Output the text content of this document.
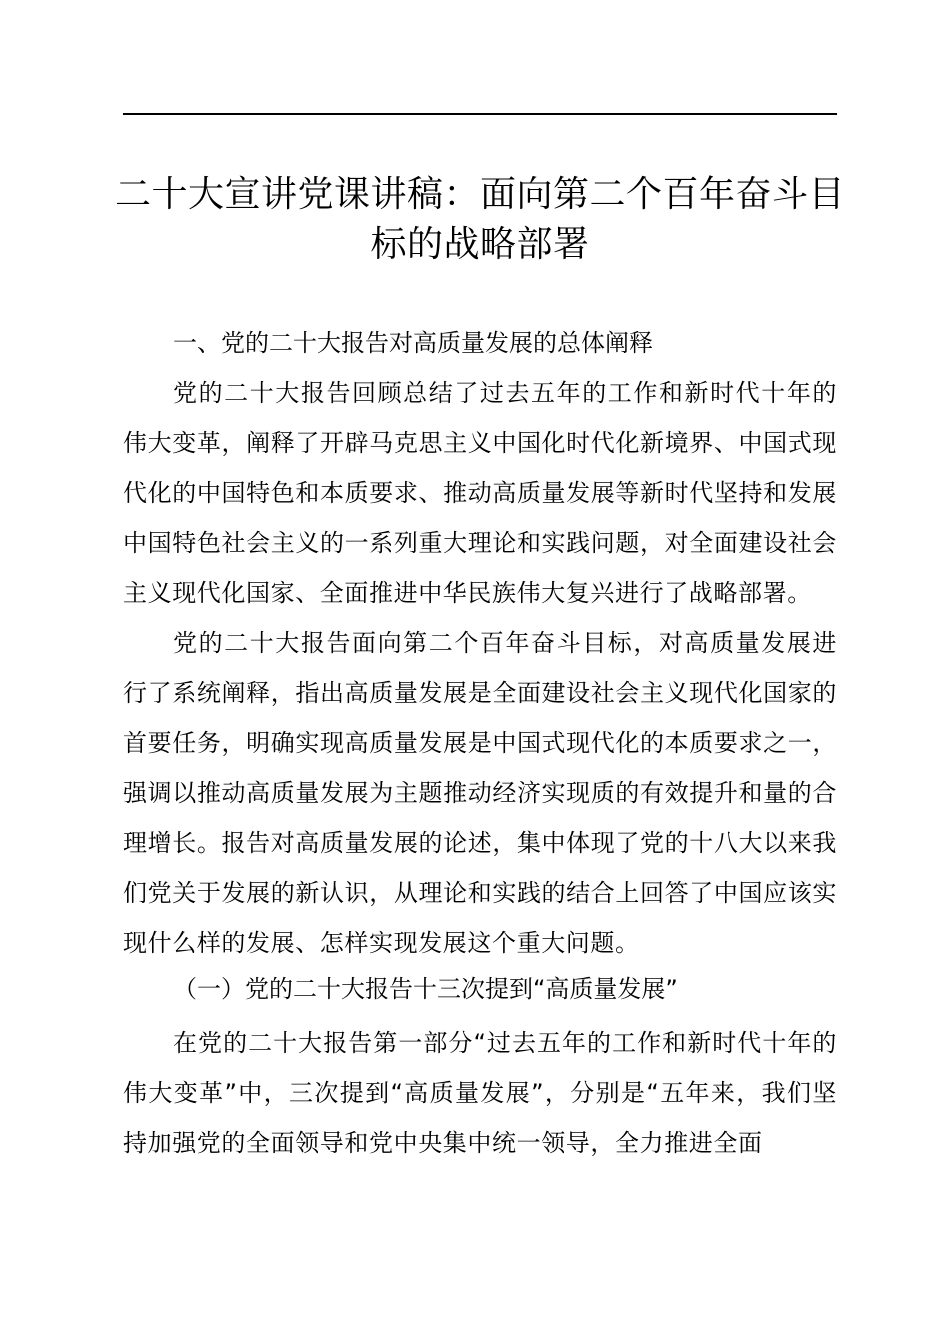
二十大宣讲党课讲稿：面向第二个百年奋斗目标的战略部署
一、党的二十大报告对高质量发展的总体阐释

党的二十大报告回顾总结了过去五年的工作和新时代十年的伟大变革，阐释了开辟马克思主义中国化时代化新境界、中国式现代化的中国特色和本质要求、推动高质量发展等新时代坚持和发展中国特色社会主义的一系列重大理论和实践问题，对全面建设社会主义现代化国家、全面推进中华民族伟大复兴进行了战略部署。

党的二十大报告面向第二个百年奋斗目标，对高质量发展进行了系统阐释，指出高质量发展是全面建设社会主义现代化国家的首要任务，明确实现高质量发展是中国式现代化的本质要求之一，强调以推动高质量发展为主题推动经济实现质的有效提升和量的合理增长。报告对高质量发展的论述，集中体现了党的十八大以来我们党关于发展的新认识，从理论和实践的结合上回答了中国应该实现什么样的发展、怎样实现发展这个重大问题。

（一）党的二十大报告十三次提到“高质量发展”

在党的二十大报告第一部分“过去五年的工作和新时代十年的伟大变革”中，三次提到“高质量发展”，分别是“五年来，我们坚持加强党的全面领导和党中央集中统一领导，全力推进全面
